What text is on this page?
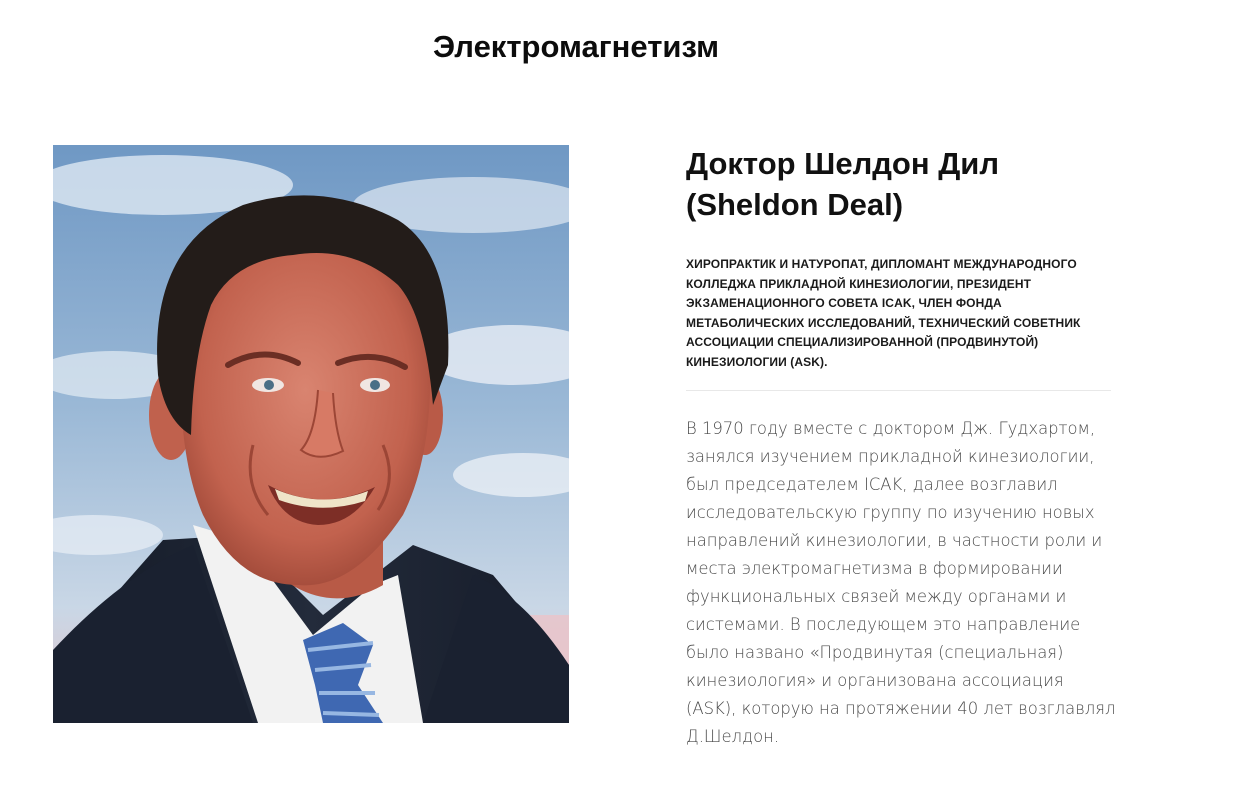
Электромагнетизм
Доктор Шелдон Дил (Sheldon Deal)

ХИРОПРАКТИК И НАТУРОПАТ, ДИПЛОМАНТ МЕЖДУНАРОДНОГО КОЛЛЕДЖА ПРИКЛАДНОЙ КИНЕЗИОЛОГИИ, ПРЕЗИДЕНТ ЭКЗАМЕНАЦИОННОГО СОВЕТА ICAK, ЧЛЕН ФОНДА МЕТАБОЛИЧЕСКИХ ИССЛЕДОВАНИЙ, ТЕХНИЧЕСКИЙ СОВЕТНИК АССОЦИАЦИИ СПЕЦИАЛИЗИРОВАННОЙ (ПРОДВИНУТОЙ) КИНЕЗИОЛОГИИ (ASK).

В 1970 году вместе с доктором Дж. Гудхартом, занялся изучением прикладной кинезиологии, был председателем ICAK, далее возглавил исследовательскую группу по изучению новых направлений кинезиологии, в частности роли и места электромагнетизма в формировании функциональных связей между органами и системами. В последующем это направление было названо «Продвинутая (специальная) кинезиология» и организована ассоциация (ASK), которую на протяжении 40 лет возглавлял Д.Шелдон.
